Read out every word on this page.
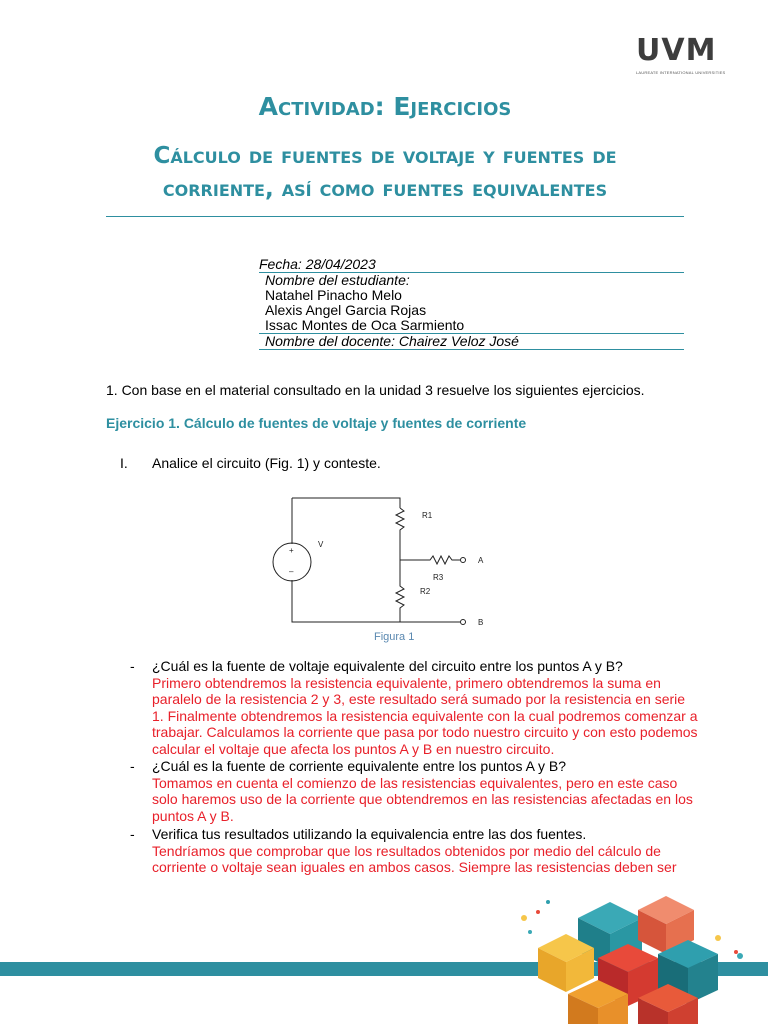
UVM
LAUREATE INTERNATIONAL UNIVERSITIES
Actividad: Ejercicios
Cálculo de fuentes de voltaje y fuentes de
corriente, así como fuentes equivalentes
Fecha: 28/04/2023
Nombre del estudiante:
Natahel Pinacho Melo
Alexis Angel Garcia Rojas
Issac Montes de Oca Sarmiento
Nombre del docente: Chairez Veloz José
1. Con base en el material consultado en la unidad 3 resuelve los siguientes ejercicios.
Ejercicio 1. Cálculo de fuentes de voltaje y fuentes de corriente
I. Analice el circuito (Fig. 1) y conteste.
+
–
V
R1
R2
R3
A
B
Figura 1
- ¿Cuál es la fuente de voltaje equivalente del circuito entre los puntos A y B?
Primero obtendremos la resistencia equivalente, primero obtendremos la suma en paralelo de la resistencia 2 y 3, este resultado será sumado por la resistencia en serie 1. Finalmente obtendremos la resistencia equivalente con la cual podremos comenzar a trabajar. Calculamos la corriente que pasa por todo nuestro circuito y con esto podemos calcular el voltaje que afecta los puntos A y B en nuestro circuito.
- ¿Cuál es la fuente de corriente equivalente entre los puntos A y B?
Tomamos en cuenta el comienzo de las resistencias equivalentes, pero en este caso solo haremos uso de la corriente que obtendremos en las resistencias afectadas en los puntos A y B.
- Verifica tus resultados utilizando la equivalencia entre las dos fuentes.
Tendríamos que comprobar que los resultados obtenidos por medio del cálculo de corriente o voltaje sean iguales en ambos casos. Siempre las resistencias deben ser
